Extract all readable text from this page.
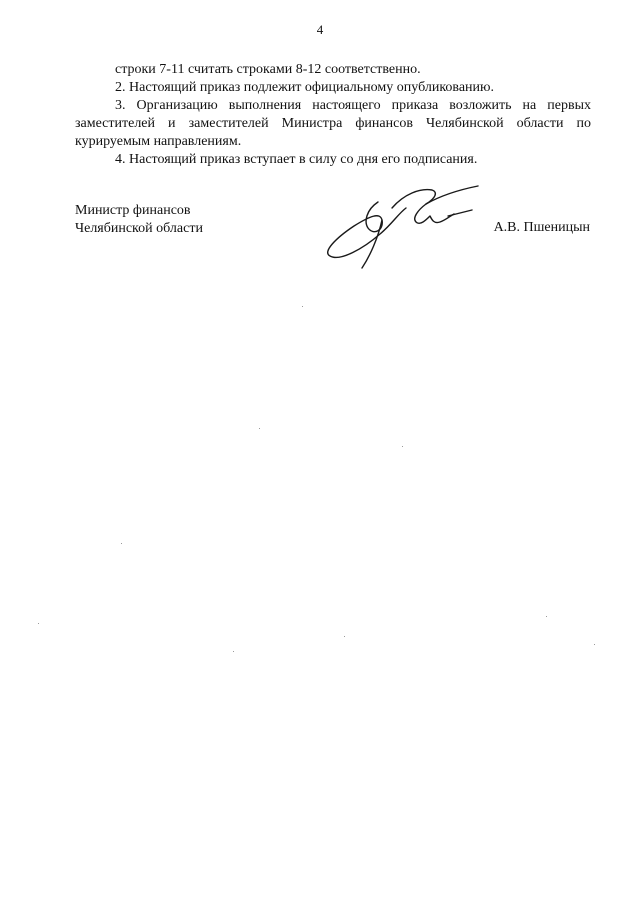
4
строки 7-11 считать строками 8-12 соответственно.
2. Настоящий приказ подлежит официальному опубликованию.
3. Организацию выполнения настоящего приказа возложить на первых
заместителей и заместителей Министра финансов Челябинской области по
курируемым направлениям.
4. Настоящий приказ вступает в силу со дня его подписания.
Министр финансов
Челябинской области	А.В. Пшеницын
